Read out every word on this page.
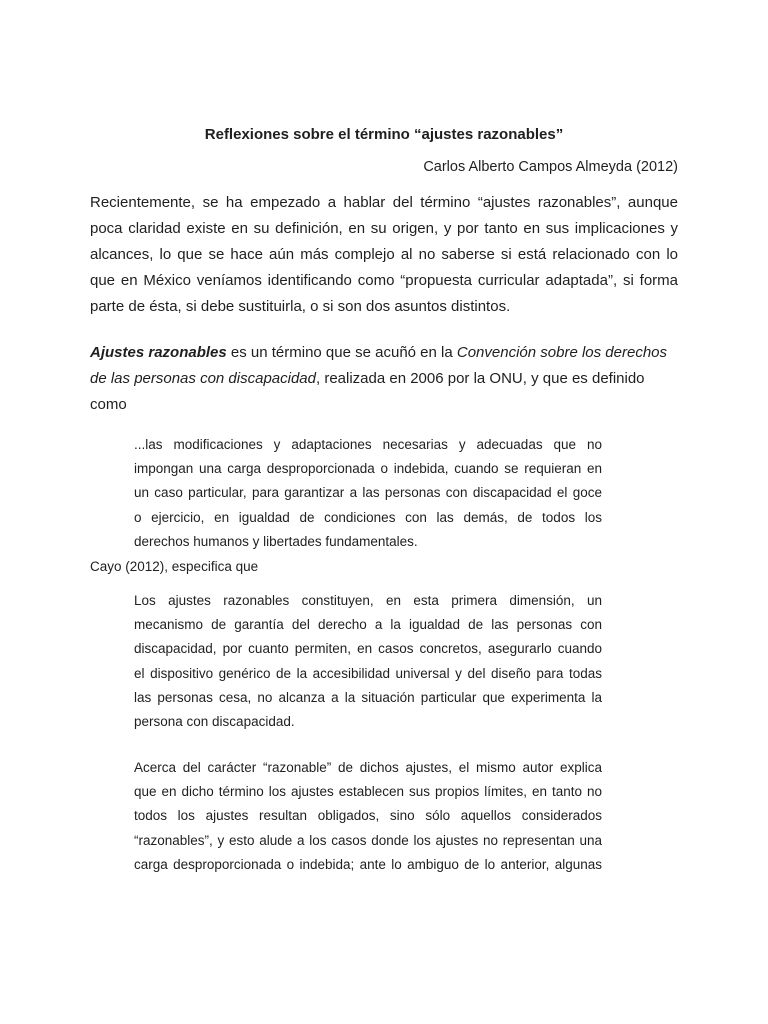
Reflexiones sobre el término “ajustes razonables”

Carlos Alberto Campos Almeyda (2012)

Recientemente, se ha empezado a hablar del término “ajustes razonables”, aunque
poca claridad existe en su definición, en su origen, y por tanto en sus implicaciones y
alcances, lo que se hace aún más complejo al no saberse si está relacionado con lo
que en México veníamos identificando como “propuesta curricular adaptada”, si forma
parte de ésta, si debe sustituirla, o si son dos asuntos distintos.

Ajustes razonables es un término que se acuñó en la Convención sobre los derechos
de las personas con discapacidad, realizada en 2006 por la ONU, y que es definido
como

...las modificaciones y adaptaciones necesarias y adecuadas que no
impongan una carga desproporcionada o indebida, cuando se requieran en
un caso particular, para garantizar a las personas con discapacidad el goce
o ejercicio, en igualdad de condiciones con las demás, de todos los
derechos humanos y libertades fundamentales.

Cayo (2012), especifica que

Los ajustes razonables constituyen, en esta primera dimensión, un
mecanismo de garantía del derecho a la igualdad de las personas con
discapacidad, por cuanto permiten, en casos concretos, asegurarlo cuando
el dispositivo genérico de la accesibilidad universal y del diseño para todas
las personas cesa, no alcanza a la situación particular que experimenta la
persona con discapacidad.
Acerca del carácter “razonable” de dichos ajustes, el mismo autor explica
que en dicho término los ajustes establecen sus propios límites, en tanto no
todos los ajustes resultan obligados, sino sólo aquellos considerados
“razonables”, y esto alude a los casos donde los ajustes no representan una
carga desproporcionada o indebida; ante lo ambiguo de lo anterior, algunas
